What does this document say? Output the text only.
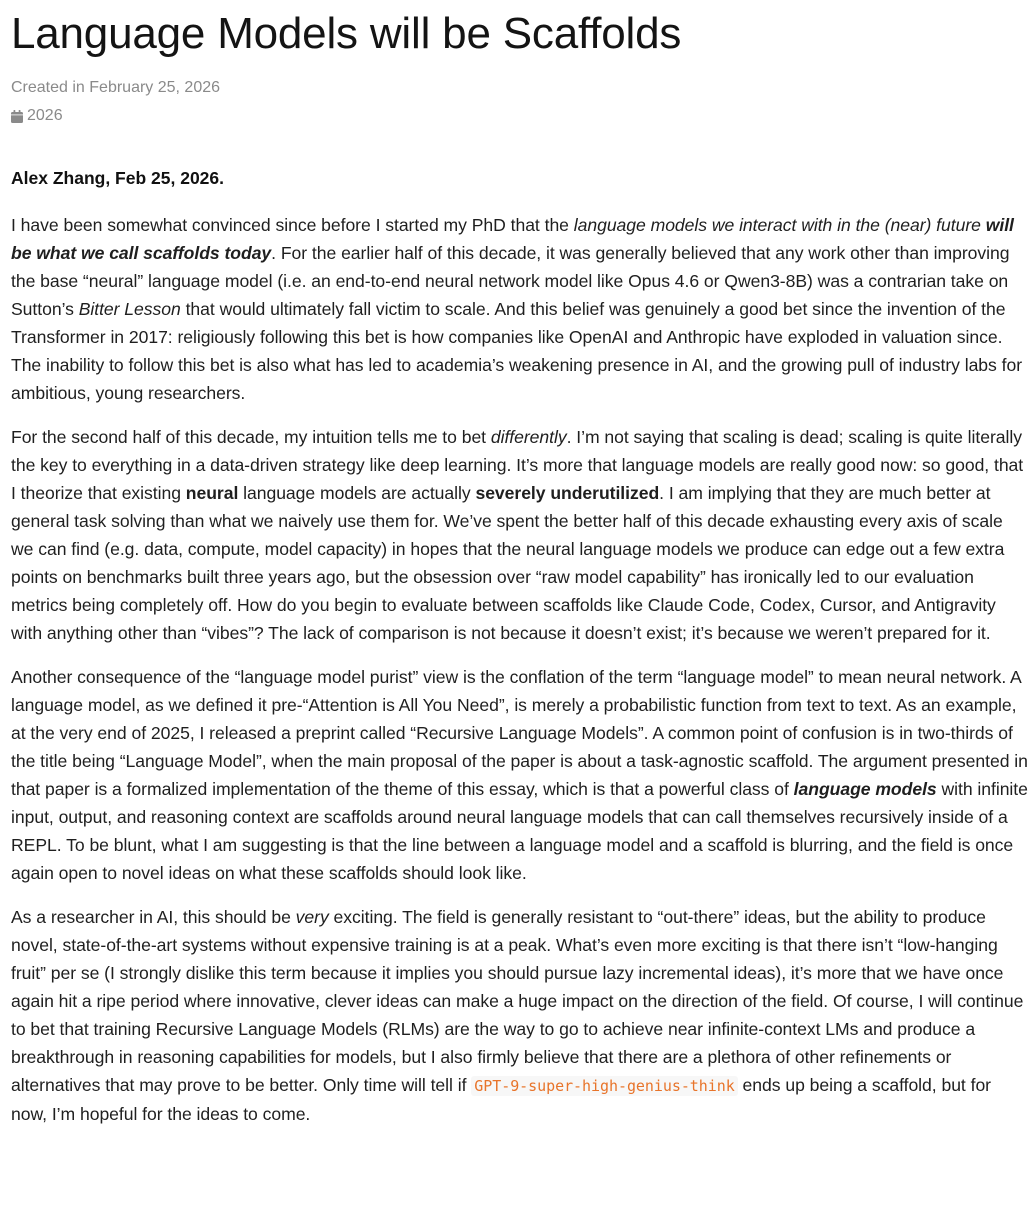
Language Models will be Scaffolds
Created in February 25, 2026
2026
Alex Zhang, Feb 25, 2026.

I have been somewhat convinced since before I started my PhD that the language models we interact with in the (near) future will be what we call scaffolds today. For the earlier half of this decade, it was generally believed that any work other than improving the base “neural” language model (i.e. an end-to-end neural network model like Opus 4.6 or Qwen3-8B) was a contrarian take on Sutton’s Bitter Lesson that would ultimately fall victim to scale. And this belief was genuinely a good bet since the invention of the Transformer in 2017: religiously following this bet is how companies like OpenAI and Anthropic have exploded in valuation since. The inability to follow this bet is also what has led to academia’s weakening presence in AI, and the growing pull of industry labs for ambitious, young researchers.

For the second half of this decade, my intuition tells me to bet differently. I’m not saying that scaling is dead; scaling is quite literally the key to everything in a data-driven strategy like deep learning. It’s more that language models are really good now: so good, that I theorize that existing neural language models are actually severely underutilized. I am implying that they are much better at general task solving than what we naively use them for. We’ve spent the better half of this decade exhausting every axis of scale we can find (e.g. data, compute, model capacity) in hopes that the neural language models we produce can edge out a few extra points on benchmarks built three years ago, but the obsession over “raw model capability” has ironically led to our evaluation metrics being completely off. How do you begin to evaluate between scaffolds like Claude Code, Codex, Cursor, and Antigravity with anything other than “vibes”? The lack of comparison is not because it doesn’t exist; it’s because we weren’t prepared for it.

Another consequence of the “language model purist” view is the conflation of the term “language model” to mean neural network. A language model, as we defined it pre-“Attention is All You Need”, is merely a probabilistic function from text to text. As an example, at the very end of 2025, I released a preprint called “Recursive Language Models”. A common point of confusion is in two-thirds of the title being “Language Model”, when the main proposal of the paper is about a task-agnostic scaffold. The argument presented in that paper is a formalized implementation of the theme of this essay, which is that a powerful class of language models with infinite input, output, and reasoning context are scaffolds around neural language models that can call themselves recursively inside of a REPL. To be blunt, what I am suggesting is that the line between a language model and a scaffold is blurring, and the field is once again open to novel ideas on what these scaffolds should look like.

As a researcher in AI, this should be very exciting. The field is generally resistant to “out-there” ideas, but the ability to produce novel, state-of-the-art systems without expensive training is at a peak. What’s even more exciting is that there isn’t “low-hanging fruit” per se (I strongly dislike this term because it implies you should pursue lazy incremental ideas), it’s more that we have once again hit a ripe period where innovative, clever ideas can make a huge impact on the direction of the field. Of course, I will continue to bet that training Recursive Language Models (RLMs) are the way to go to achieve near infinite-context LMs and produce a breakthrough in reasoning capabilities for models, but I also firmly believe that there are a plethora of other refinements or alternatives that may prove to be better. Only time will tell if GPT-9-super-high-genius-think ends up being a scaffold, but for now, I’m hopeful for the ideas to come.
